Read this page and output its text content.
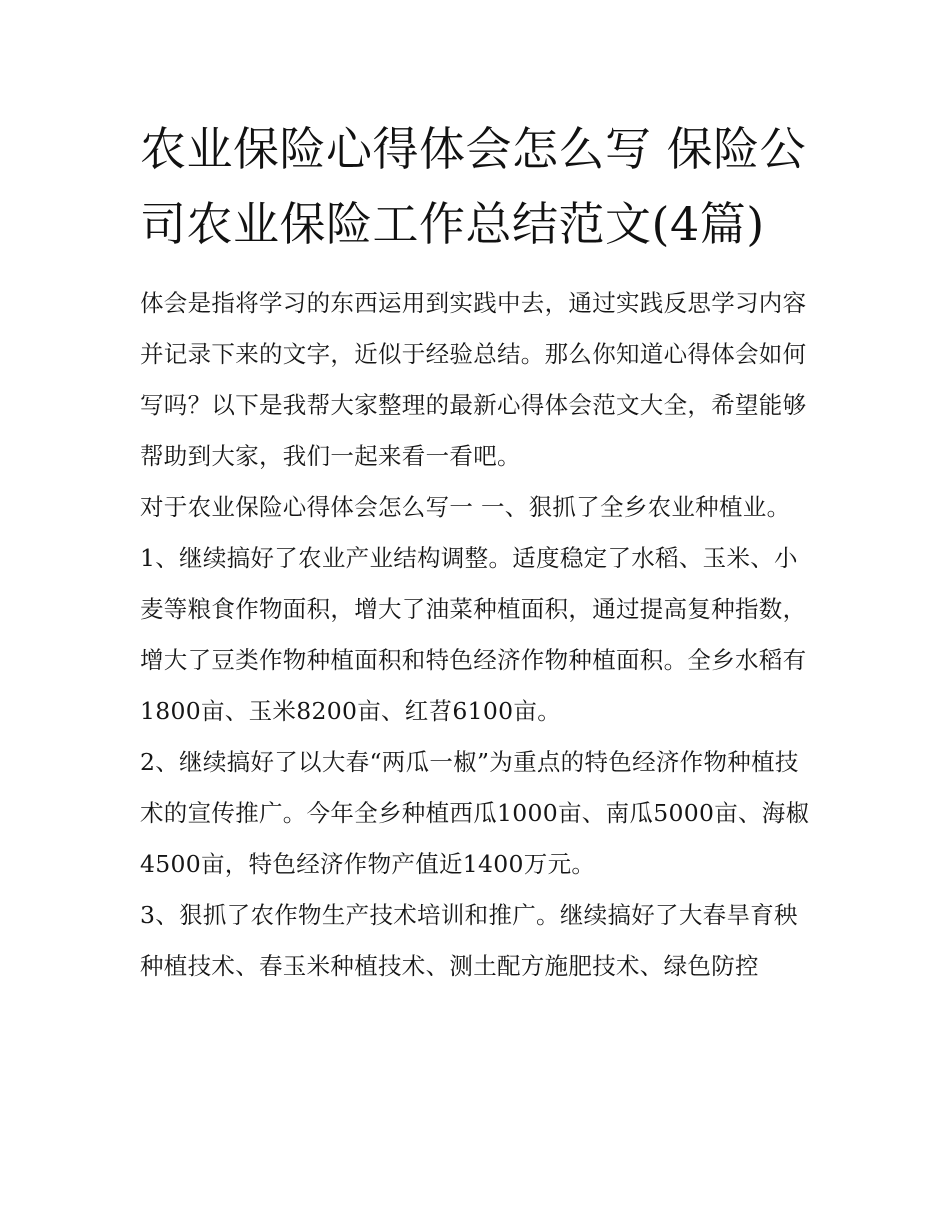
农业保险心得体会怎么写 保险公司农业保险工作总结范文(4篇)

体会是指将学习的东西运用到实践中去，通过实践反思学习内容并记录下来的文字，近似于经验总结。那么你知道心得体会如何写吗？以下是我帮大家整理的最新心得体会范文大全，希望能够帮助到大家，我们一起来看一看吧。

对于农业保险心得体会怎么写一 一、狠抓了全乡农业种植业。

1、继续搞好了农业产业结构调整。适度稳定了水稻、玉米、小麦等粮食作物面积，增大了油菜种植面积，通过提高复种指数，增大了豆类作物种植面积和特色经济作物种植面积。全乡水稻有1800亩、玉米8200亩、红苕6100亩。

2、继续搞好了以大春“两瓜一椒”为重点的特色经济作物种植技术的宣传推广。今年全乡种植西瓜1000亩、南瓜5000亩、海椒4500亩，特色经济作物产值近1400万元。

3、狠抓了农作物生产技术培训和推广。继续搞好了大春旱育秧种植技术、春玉米种植技术、测土配方施肥技术、绿色防控
